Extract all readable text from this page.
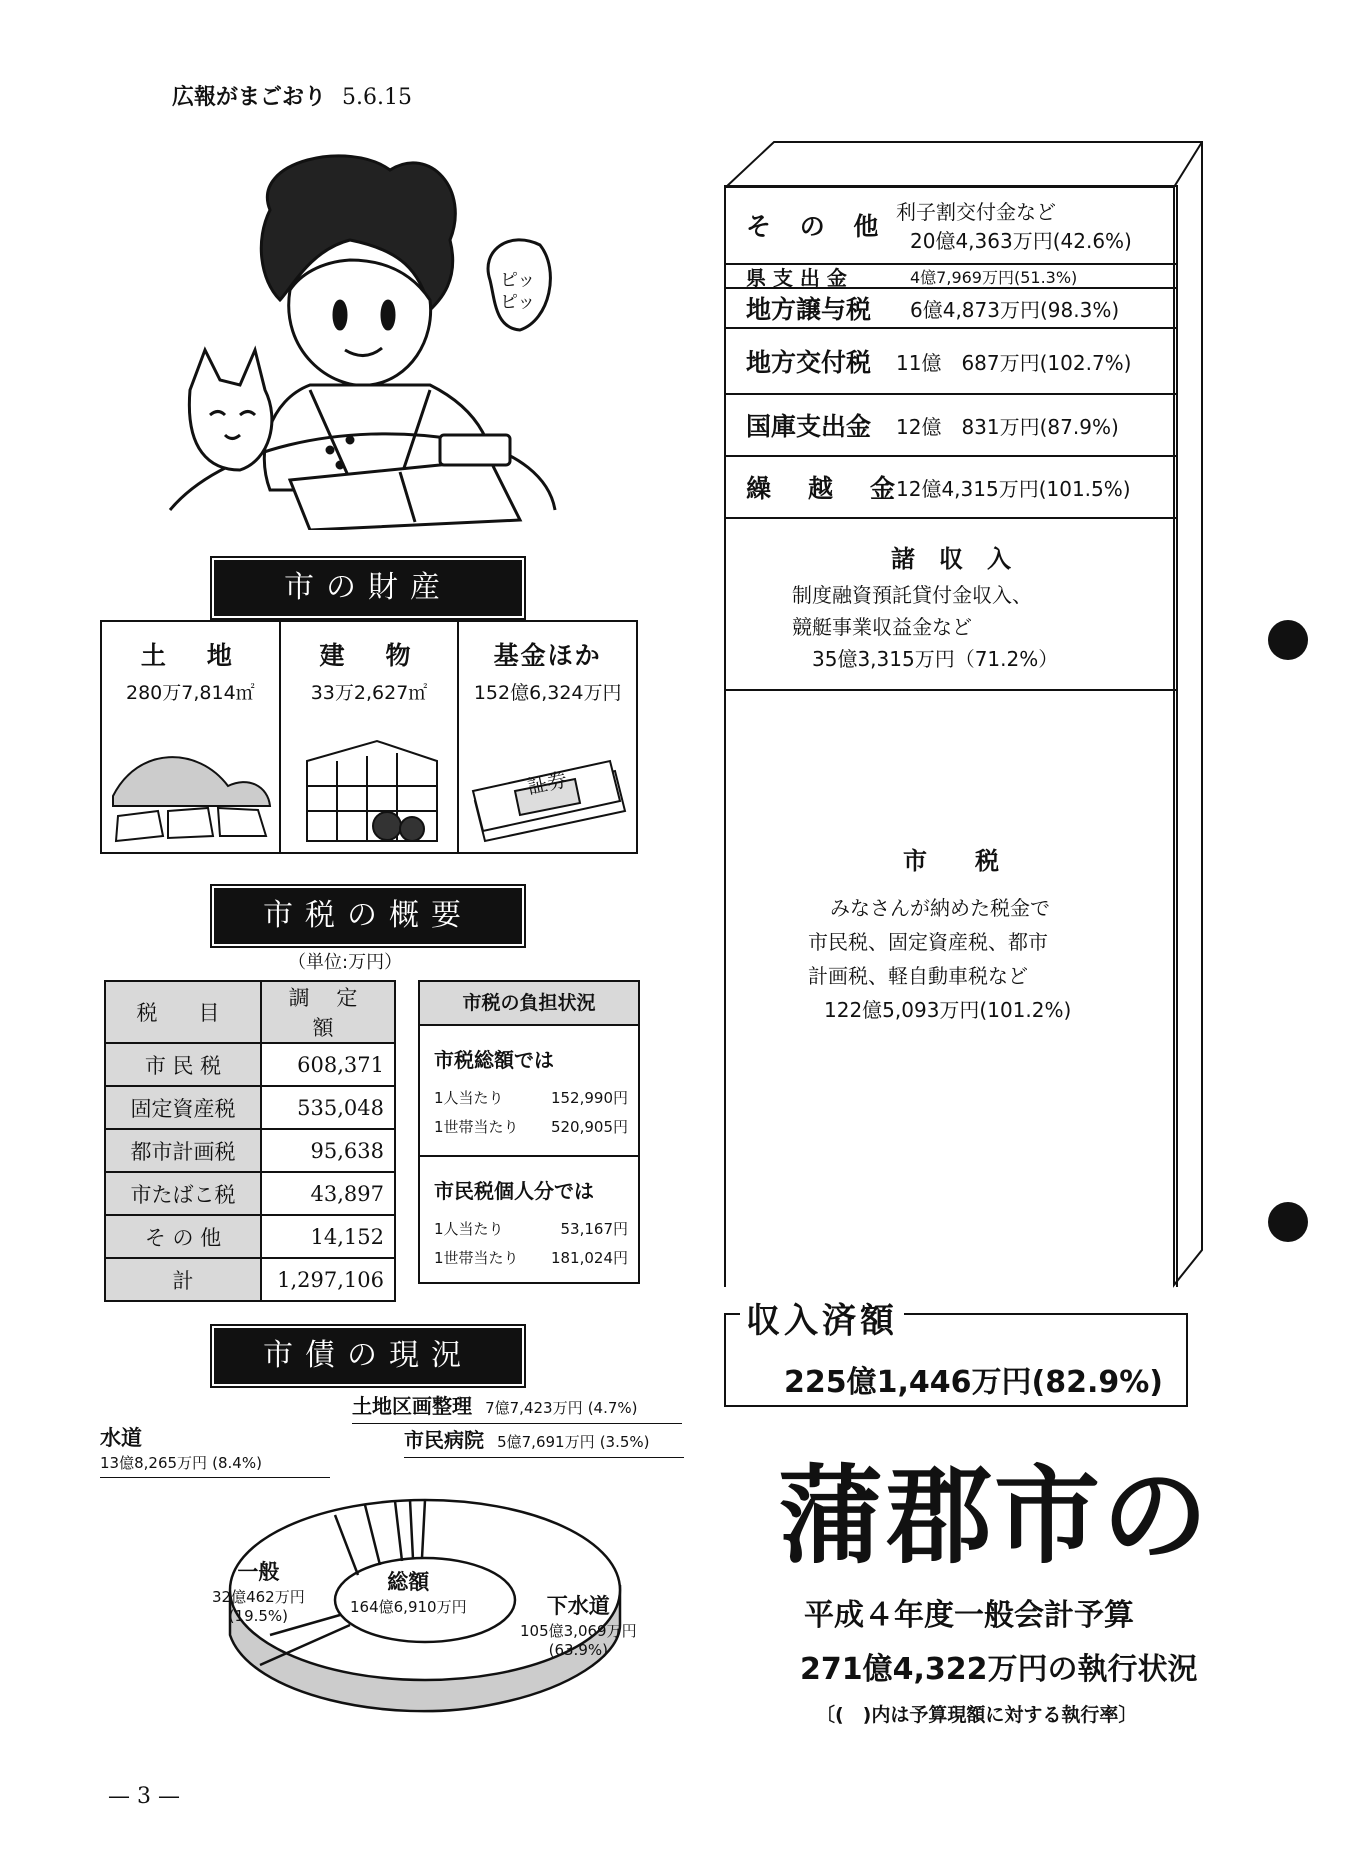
広報がまごおり 5.6.15
ピッピッ
市の財産
土　地
280万7,814㎡
建　物
33万2,627㎡
基金ほか
152億6,324万円
証券
市税の概要
（単位:万円）
税　目	調 定 額
市 民 税	608,371
固定資産税	535,048
都市計画税	95,638
市たばこ税	43,897
そ の 他	14,152
計	1,297,106
市税の負担状況
市税総額では
1人当たり	152,990円
1世帯当たり 520,905円
市民税個人分では
1人当たり	53,167円
1世帯当たり 181,024円
市債の現況
総額
164億6,910万円	下水道
105億3,069万円
(63.9%)
一般
32億462万円
(19.5%)
水道
13億8,265万円 (8.4%)
土地区画整理 7億7,423万円 (4.7%)
市民病院 5億7,691万円 (3.5%)
そ の 他 利子割交付金など
20億4,363万円(42.6%)
県 支 出 金	4億7,969万円(51.3%)
地方譲与税	6億4,873万円(98.3%)
地方交付税	11億　687万円(102.7%)
国庫支出金	12億　831万円(87.9%)
繰　越　金
12億4,315万円(101.5%)
諸　収　入
制度融資預託貸付金収入、
競艇事業収益金など
35億3,315万円（71.2%）
市　　税
みなさんが納めた税金で
市民税、固定資産税、都市
計画税、軽自動車税など
122億5,093万円(101.2%)
収入済額
225億1,446万円(82.9%)
蒲郡市の
平成４年度一般会計予算
271億4,322万円の執行状況
〔(　)内は予算現額に対する執行率〕
— 3 —
